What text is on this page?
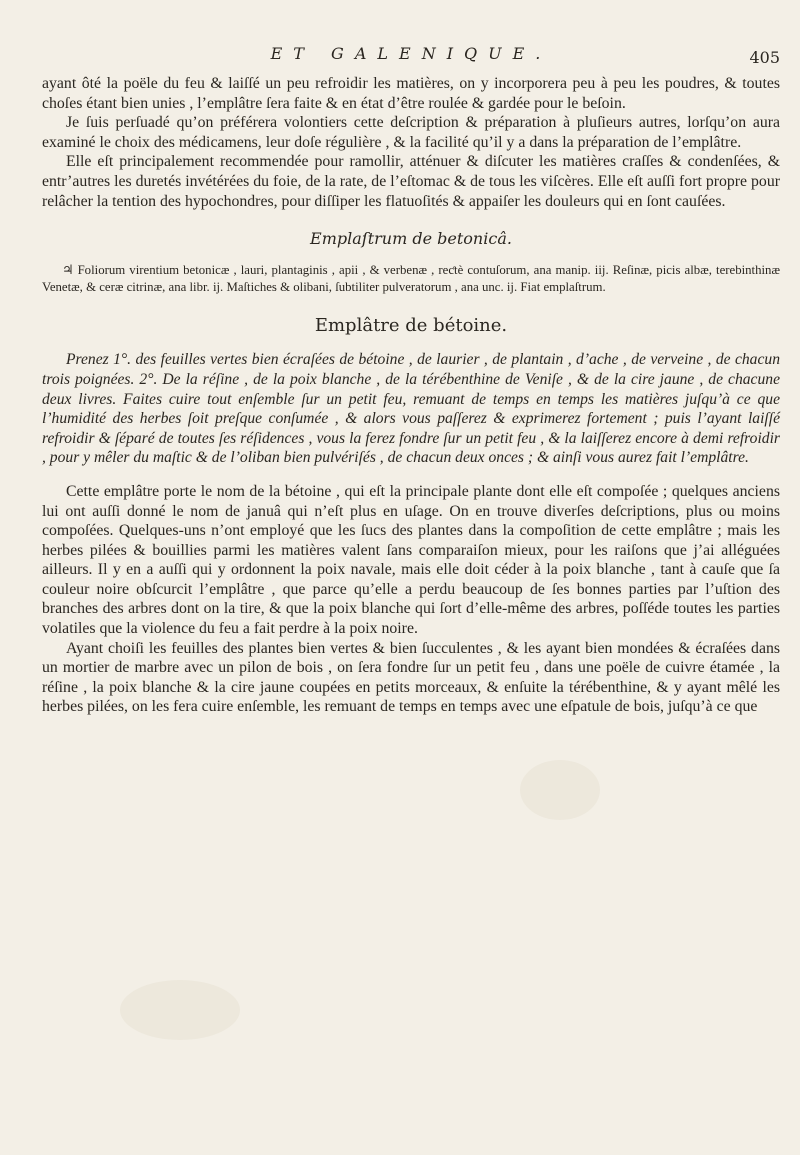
ET GALENIQUE.	405

ayant ôté la poële du feu & laiſſé un peu refroidir les matières, on y incorporera peu à peu les poudres, & toutes choſes étant bien unies , l’emplâtre ſera faite & en état d’être roulée & gardée pour le beſoin.

Je ſuis perſuadé qu’on préférera volontiers cette deſcription & préparation à pluſieurs autres, lorſqu’on aura examiné le choix des médicamens, leur doſe régulière , & la facilité qu’il y a dans la préparation de l’emplâtre.

Elle eſt principalement recommendée pour ramollir, atténuer & diſcuter les matières craſſes & condenſées, & entr’autres les duretés invétérées du foie, de la rate, de l’eſtomac & de tous les viſcères. Elle eſt auſſi fort propre pour relâcher la tention des hypochondres, pour diſſiper les flatuoſités & appaiſer les douleurs qui en ſont cauſées.

Emplaſtrum de betonicâ.

♃ Foliorum virentium betonicæ , lauri, plantaginis , apii , & verbenæ , reƈtè contuſorum, ana manip. iij. Reſinæ, picis albæ, terebinthinæ Venetæ, & ceræ citrinæ, ana libr. ij. Maſtiches & olibani, ſubtiliter pulveratorum , ana unc. ij. Fiat emplaſtrum.

Emplâtre de bétoine.

Prenez 1°. des feuilles vertes bien écraſées de bétoine , de laurier , de plantain , d’ache , de verveine , de chacun trois poignées. 2°. De la réſine , de la poix blanche , de la térébenthine de Veniſe , & de la cire jaune , de chacune deux livres. Faites cuire tout enſemble ſur un petit feu, remuant de temps en temps les matières juſqu’à ce que l’humidité des herbes ſoit preſque conſumée , & alors vous paſſerez & exprimerez fortement ; puis l’ayant laiſſé refroidir & ſéparé de toutes ſes réſidences , vous la ferez fondre ſur un petit feu , & la laiſſerez encore à demi refroidir , pour y mêler du maſtic & de l’oliban bien pulvériſés , de chacun deux onces ; & ainſi vous aurez fait l’emplâtre.

Cette emplâtre porte le nom de la bétoine , qui eſt la principale plante dont elle eſt compoſée ; quelques anciens lui ont auſſi donné le nom de januâ qui n’eſt plus en uſage. On en trouve diverſes deſcriptions, plus ou moins compoſées. Quelques-uns n’ont employé que les ſucs des plantes dans la compoſition de cette emplâtre ; mais les herbes pilées & bouillies parmi les matières valent ſans comparaiſon mieux, pour les raiſons que j’ai alléguées ailleurs. Il y en a auſſi qui y ordonnent la poix navale, mais elle doit céder à la poix blanche , tant à cauſe que ſa couleur noire obſcurcit l’emplâtre , que parce qu’elle a perdu beaucoup de ſes bonnes parties par l’uſtion des branches des arbres dont on la tire, & que la poix blanche qui ſort d’elle-même des arbres, poſſéde toutes les parties volatiles que la violence du feu a fait perdre à la poix noire.

Ayant choiſi les feuilles des plantes bien vertes & bien ſucculentes , & les ayant bien mondées & écraſées dans un mortier de marbre avec un pilon de bois , on ſera fondre ſur un petit feu , dans une poële de cuivre étamée , la réſine , la poix blanche & la cire jaune coupées en petits morceaux, & enſuite la térébenthine, & y ayant mêlé les herbes pilées, on les fera cuire enſemble, les remuant de temps en temps avec une eſpatule de bois, juſqu’à ce que
